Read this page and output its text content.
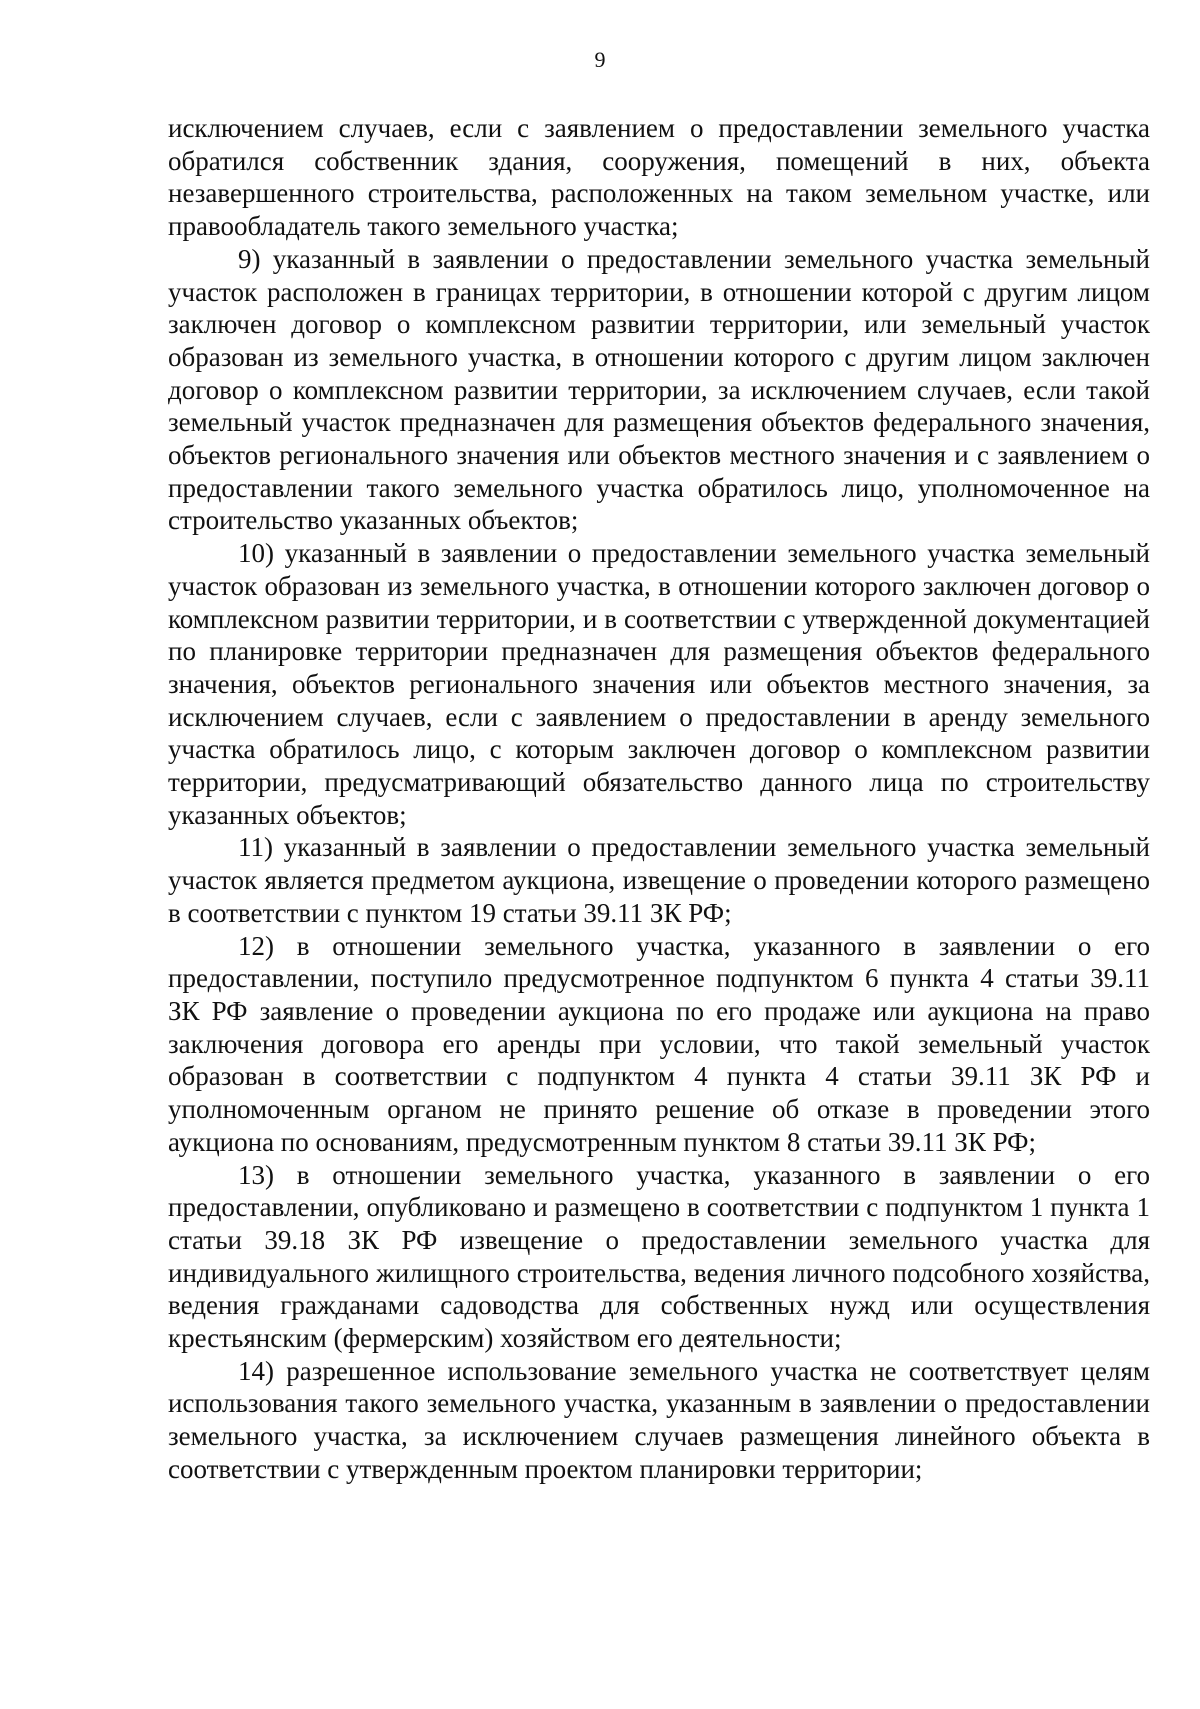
9

исключением случаев, если с заявлением о предоставлении земельного участка обратился собственник здания, сооружения, помещений в них, объекта незавершенного строительства, расположенных на таком земельном участке, или правообладатель такого земельного участка;

9) указанный в заявлении о предоставлении земельного участка земельный участок расположен в границах территории, в отношении которой с другим лицом заключен договор о комплексном развитии территории, или земельный участок образован из земельного участка, в отношении которого с другим лицом заключен договор о комплексном развитии территории, за исключением случаев, если такой земельный участок предназначен для размещения объектов федерального значения, объектов регионального значения или объектов местного значения и с заявлением о предоставлении такого земельного участка обратилось лицо, уполномоченное на строительство указанных объектов;

10) указанный в заявлении о предоставлении земельного участка земельный участок образован из земельного участка, в отношении которого заключен договор о комплексном развитии территории, и в соответствии с утвержденной документацией по планировке территории предназначен для размещения объектов федерального значения, объектов регионального значения или объектов местного значения, за исключением случаев, если с заявлением о предоставлении в аренду земельного участка обратилось лицо, с которым заключен договор о комплексном развитии территории, предусматривающий обязательство данного лица по строительству указанных объектов;

11) указанный в заявлении о предоставлении земельного участка земельный участок является предметом аукциона, извещение о проведении которого размещено в соответствии с пунктом 19 статьи 39.11 ЗК РФ;

12) в отношении земельного участка, указанного в заявлении о его предоставлении, поступило предусмотренное подпунктом 6 пункта 4 статьи 39.11 ЗК РФ заявление о проведении аукциона по его продаже или аукциона на право заключения договора его аренды при условии, что такой земельный участок образован в соответствии с подпунктом 4 пункта 4 статьи 39.11 ЗК РФ и уполномоченным органом не принято решение об отказе в проведении этого аукциона по основаниям, предусмотренным пунктом 8 статьи 39.11 ЗК РФ;

13) в отношении земельного участка, указанного в заявлении о его предоставлении, опубликовано и размещено в соответствии с подпунктом 1 пункта 1 статьи 39.18 ЗК РФ извещение о предоставлении земельного участка для индивидуального жилищного строительства, ведения личного подсобного хозяйства, ведения гражданами садоводства для собственных нужд или осуществления крестьянским (фермерским) хозяйством его деятельности;

14) разрешенное использование земельного участка не соответствует целям использования такого земельного участка, указанным в заявлении о предоставлении земельного участка, за исключением случаев размещения линейного объекта в соответствии с утвержденным проектом планировки территории;
